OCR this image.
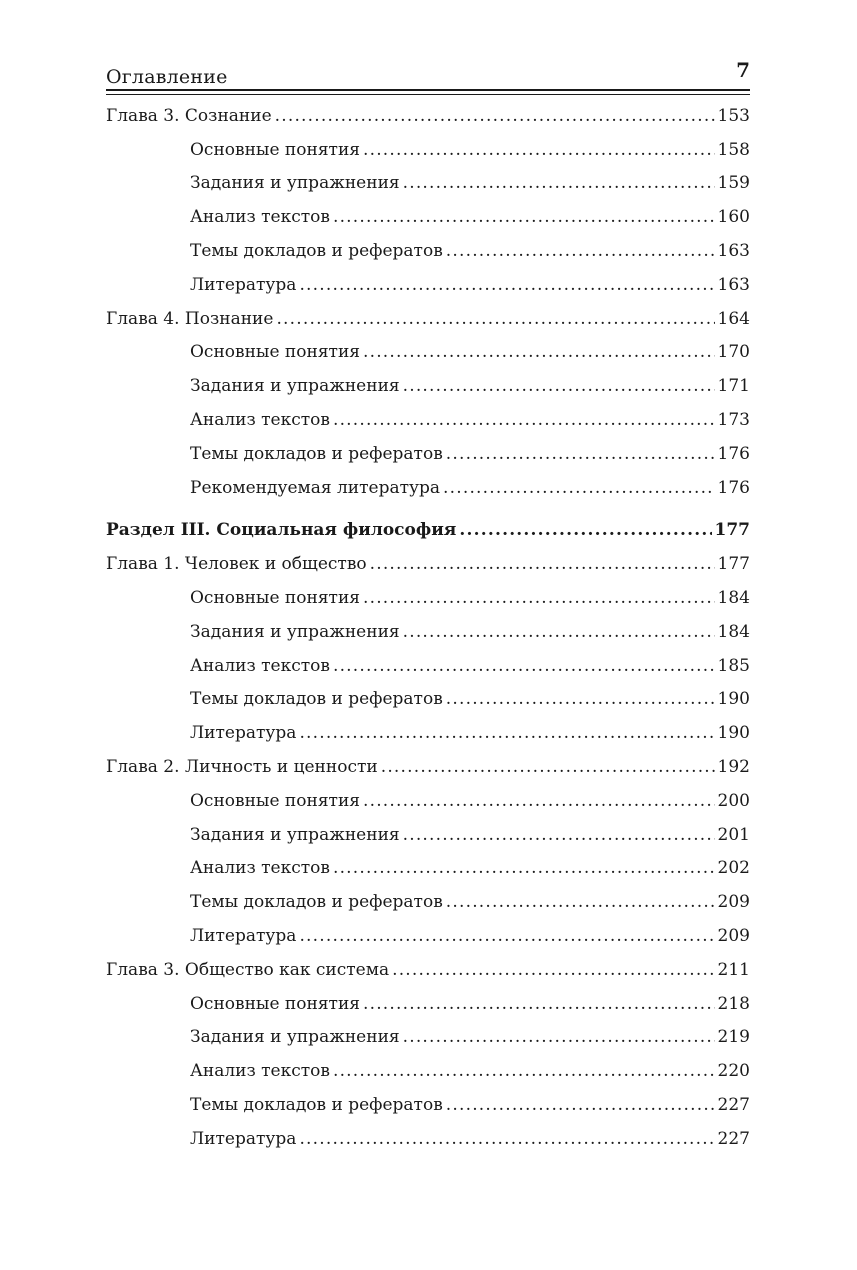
Оглавление	7
Глава 3. Сознание .....	153
Основные понятия .....	158
Задания и упражнения .....	159
Анализ текстов .....	160
Темы докладов и рефератов .....	163
Литература .....	163
Глава 4. Познание .....	164
Основные понятия .....	170
Задания и упражнения .....	171
Анализ текстов .....	173
Темы докладов и рефератов .....	176
Рекомендуемая литература .....	176
Раздел III. Социальная философия .....	177
Глава 1. Человек и общество .....	177
Основные понятия .....	184
Задания и упражнения .....	184
Анализ текстов .....	185
Темы докладов и рефератов .....	190
Литература .....	190
Глава 2. Личность и ценности .....	192
Основные понятия .....	200
Задания и упражнения .....	201
Анализ текстов .....	202
Темы докладов и рефератов .....	209
Литература .....	209
Глава 3. Общество как система .....	211
Основные понятия .....	218
Задания и упражнения .....	219
Анализ текстов .....	220
Темы докладов и рефератов .....	227
Литература .....	227
